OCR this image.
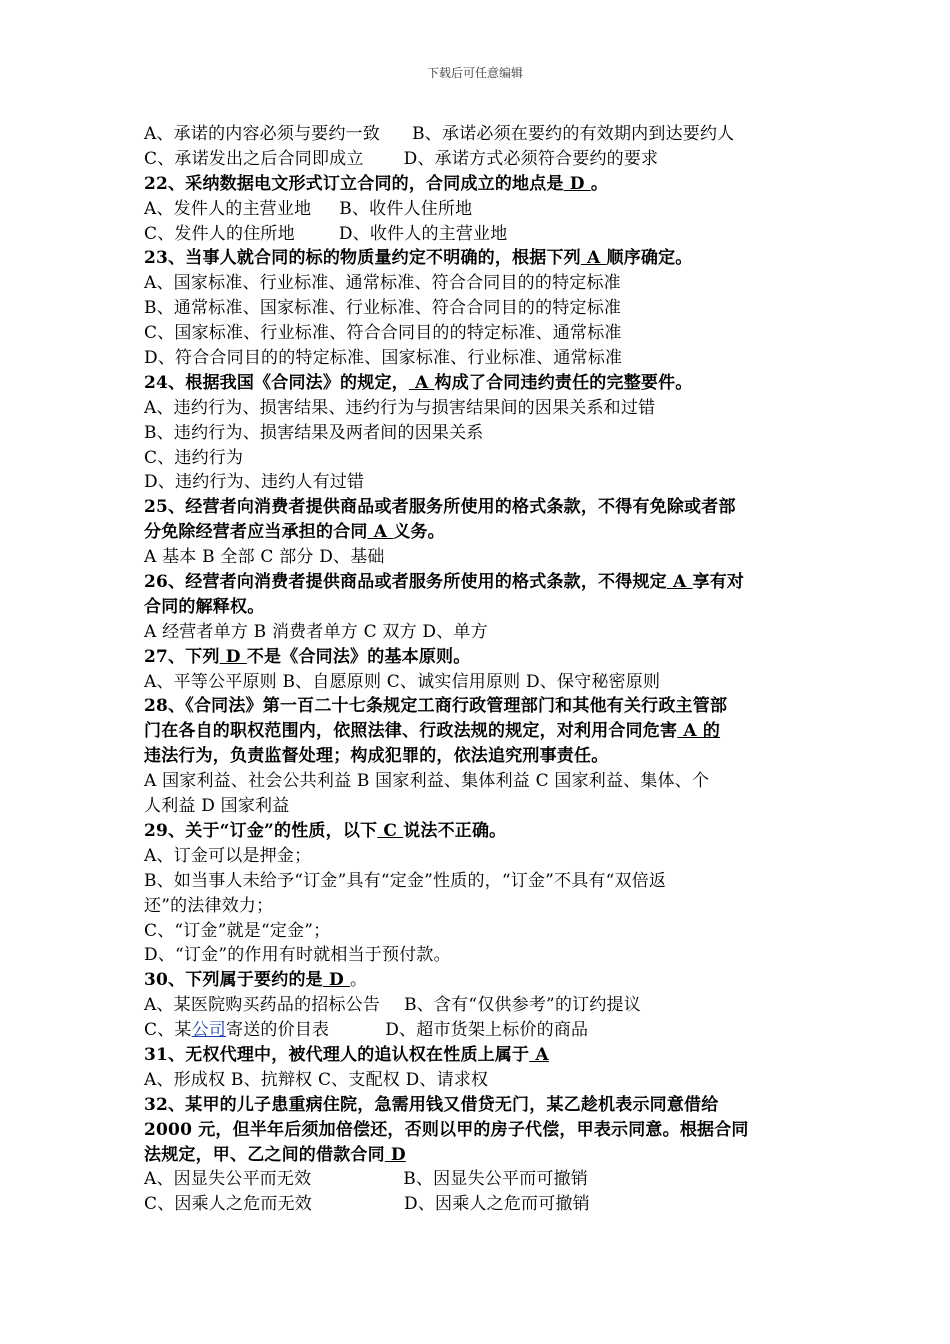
下载后可任意编辑
A、承诺的内容必须与要约一致 B、承诺必须在要约的有效期内到达要约人
C、承诺发出之后合同即成立 D、承诺方式必须符合要约的要求
22、采纳数据电文形式订立合同的，合同成立的地点是 D 。
A、发件人的主营业地 B、收件人住所地
C、发件人的住所地	D、收件人的主营业地
23、当事人就合同的标的物质量约定不明确的，根据下列 A 顺序确定。
A、国家标准、行业标准、通常标准、符合合同目的的特定标准
B、通常标准、国家标准、行业标准、符合合同目的的特定标准
C、国家标准、行业标准、符合合同目的的特定标准、通常标准
D、符合合同目的的特定标准、国家标准、行业标准、通常标准
24、根据我国《合同法》的规定， A 构成了合同违约责任的完整要件。
A、违约行为、损害结果、违约行为与损害结果间的因果关系和过错
B、违约行为、损害结果及两者间的因果关系
C、违约行为
D、违约行为、违约人有过错
25、经营者向消费者提供商品或者服务所使用的格式条款，不得有免除或者部
分免除经营者应当承担的合同 A 义务。
A 基本 B 全部 C 部分 D、基础
26、经营者向消费者提供商品或者服务所使用的格式条款，不得规定 A 享有对
合同的解释权。
A 经营者单方 B 消费者单方 C 双方 D、单方
27、下列 D 不是《合同法》的基本原则。
A、平等公平原则 B、自愿原则 C、诚实信用原则 D、保守秘密原则
28、《合同法》第一百二十七条规定工商行政管理部门和其他有关行政主管部
门在各自的职权范围内，依照法律、行政法规的规定，对利用合同危害 A 的
违法行为，负责监督处理；构成犯罪的，依法追究刑事责任。
A 国家利益、社会公共利益 B 国家利益、集体利益 C 国家利益、集体、个
人利益 D 国家利益
29、关于“订金”的性质，以下 C 说法不正确。
A、订金可以是押金；
B、如当事人未给予“订金”具有“定金”性质的，“订金”不具有“双倍返
还”的法律效力；
C、“订金”就是“定金”；
D、“订金”的作用有时就相当于预付款。
30、下列属于要约的是 D 。
A、某医院购买药品的招标公告 B、含有“仅供参考”的订约提议
C、某公司寄送的价目表	D、超市货架上标价的商品
31、无权代理中，被代理人的追认权在性质上属于 A
A、形成权 B、抗辩权 C、支配权 D、请求权
32、某甲的儿子患重病住院，急需用钱又借贷无门，某乙趁机表示同意借给
2000 元，但半年后须加倍偿还，否则以甲的房子代偿，甲表示同意。根据合同
法规定，甲、乙之间的借款合同 D
A、因显失公平而无效	B、因显失公平而可撤销
C、因乘人之危而无效	D、因乘人之危而可撤销
